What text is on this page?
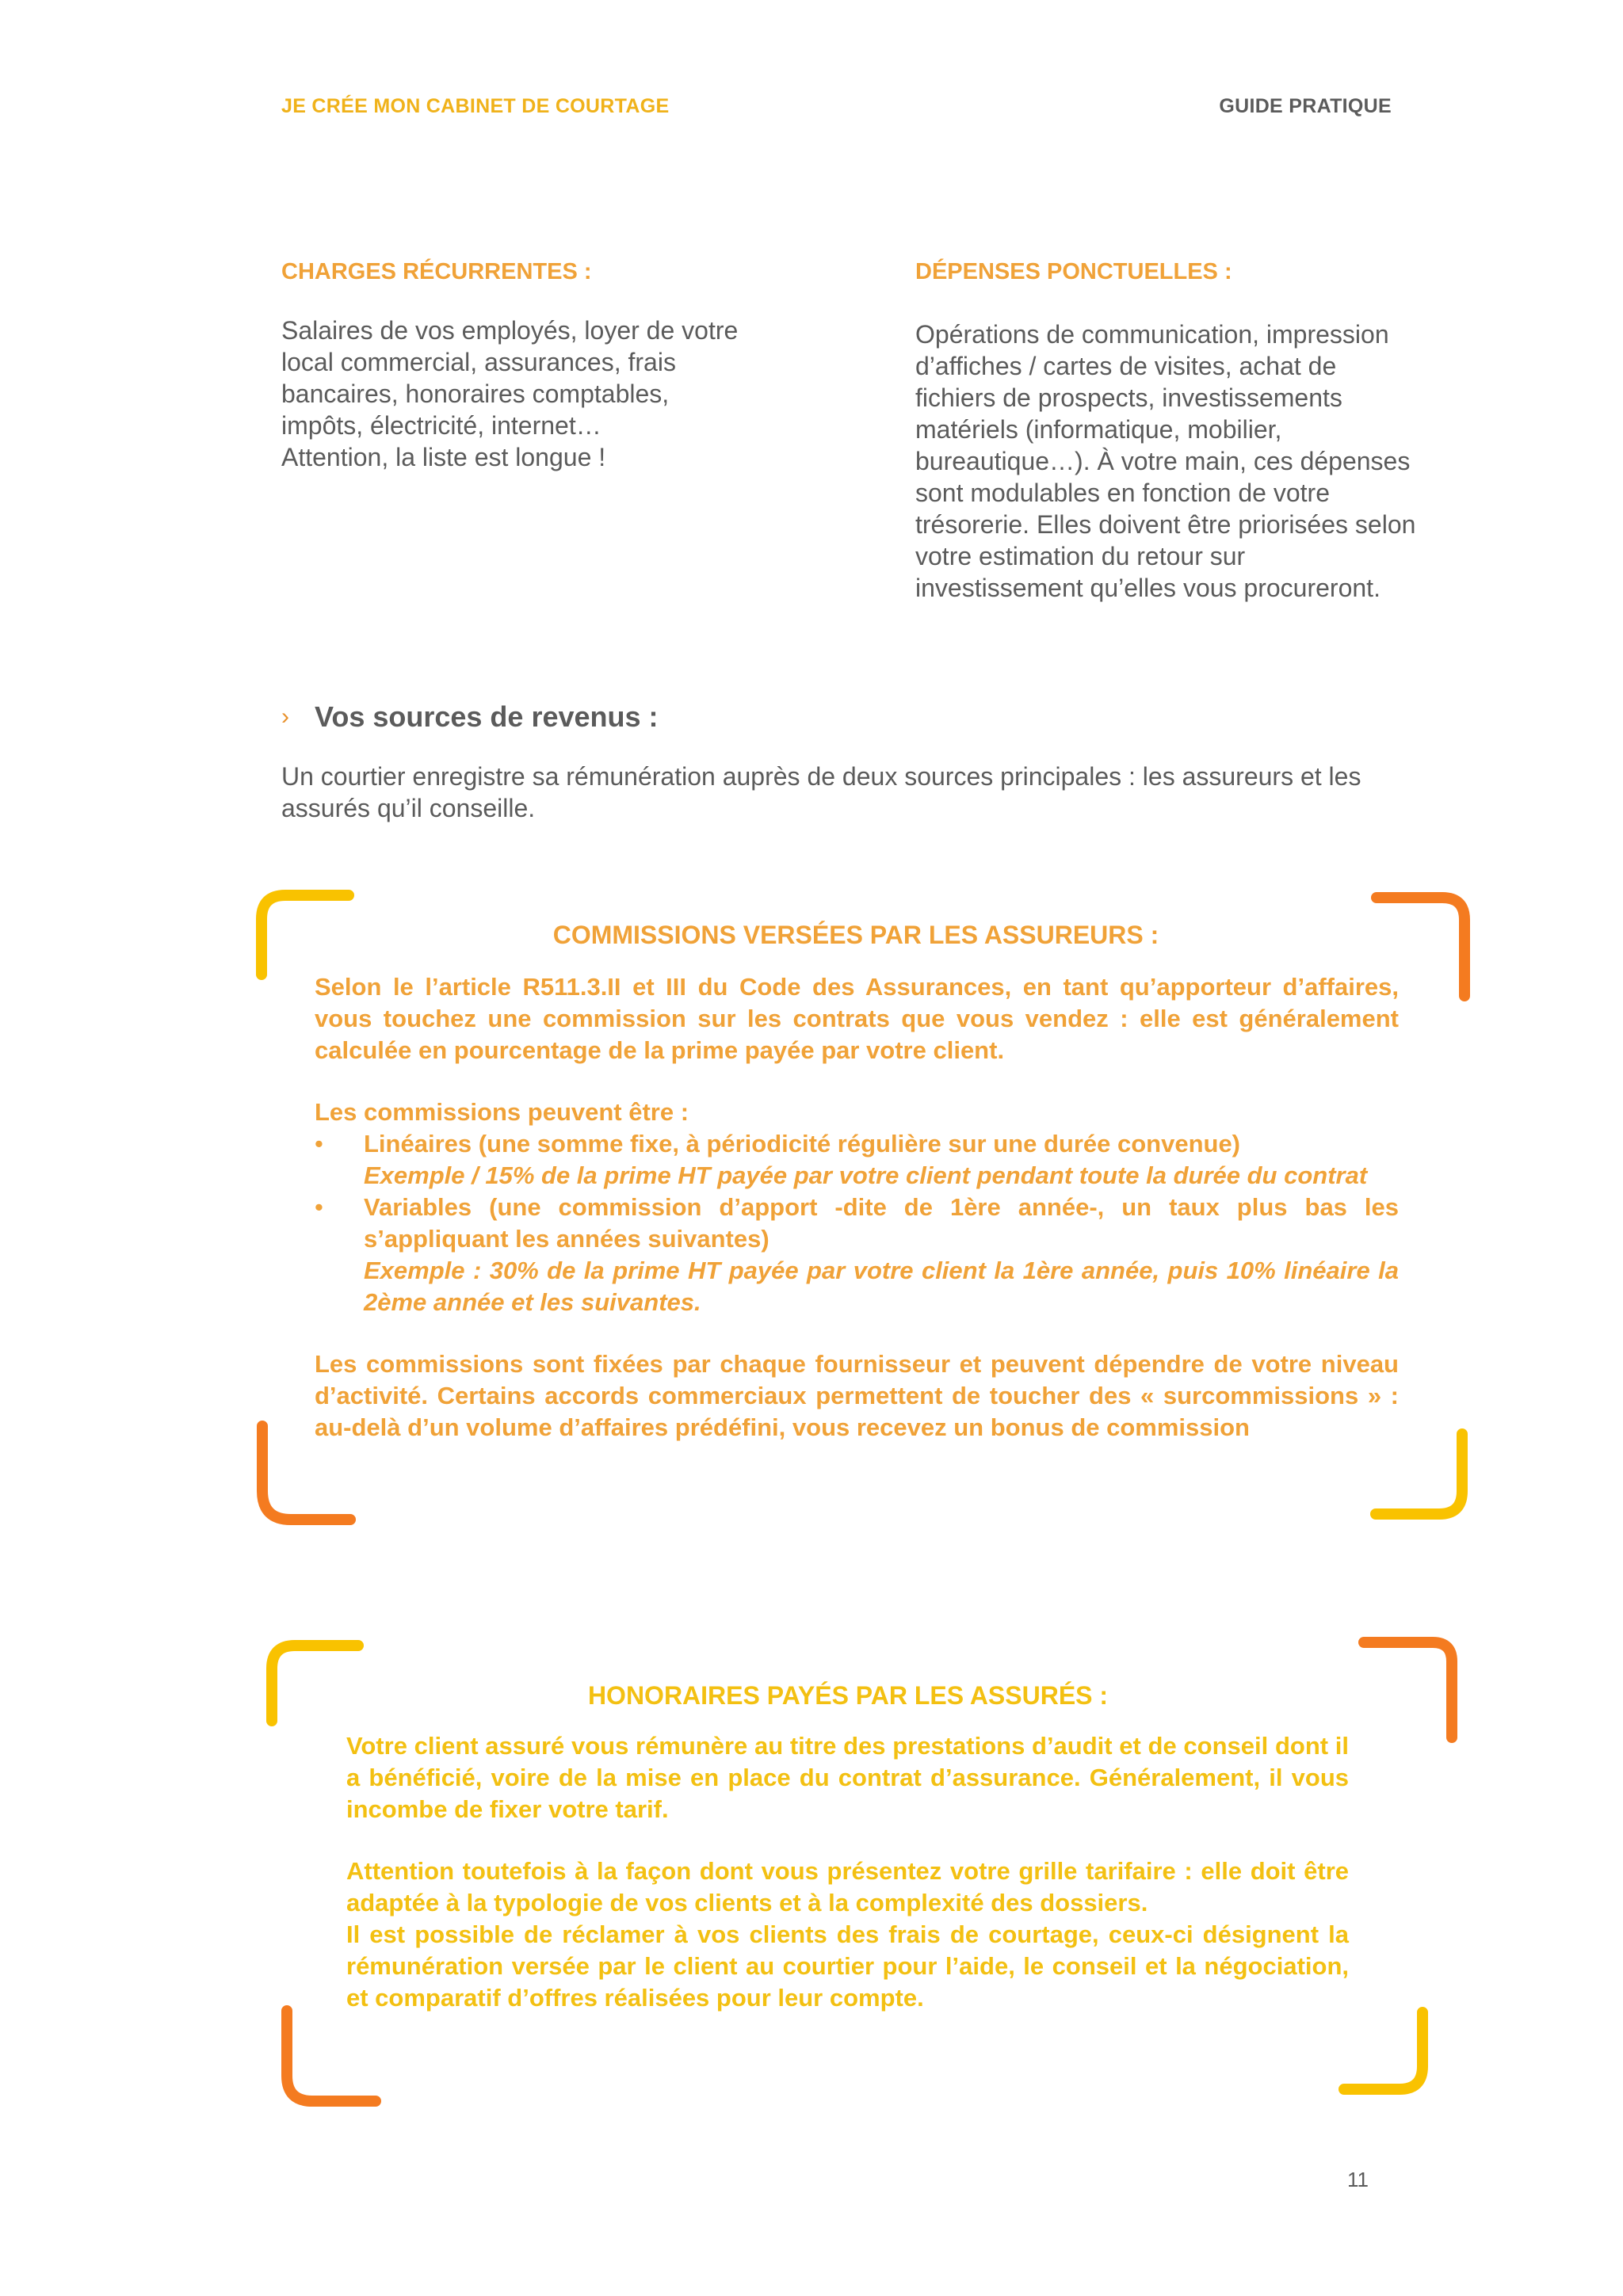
JE CRÉE MON CABINET DE COURTAGE	GUIDE PRATIQUE
CHARGES RÉCURRENTES :
Salaires de vos employés, loyer de votre
local commercial, assurances, frais
bancaires, honoraires comptables,
impôts, électricité, internet…
Attention, la liste est longue !
DÉPENSES PONCTUELLES :
Opérations de communication, impression
d’affiches / cartes de visites, achat de
fichiers de prospects, investissements
matériels (informatique, mobilier,
bureautique…). À votre main, ces dépenses
sont modulables en fonction de votre
trésorerie. Elles doivent être priorisées selon
votre estimation du retour sur
investissement qu’elles vous procureront.
› Vos sources de revenus :
Un courtier enregistre sa rémunération auprès de deux sources principales : les assureurs et les assurés qu’il conseille.
COMMISSIONS VERSÉES PAR LES ASSUREURS :

Selon le l’article R511.3.II et III du Code des Assurances, en tant qu’apporteur d’affaires, vous touchez une commission sur les contrats que vous vendez : elle est généralement calculée en pourcentage de la prime payée par votre client.

Les commissions peuvent être :

• Linéaires (une somme fixe, à périodicité régulière sur une durée convenue)
Exemple / 15% de la prime HT payée par votre client pendant toute la durée du contrat
• Variables (une commission d’apport -dite de 1ère année-, un taux plus bas les s’appliquant les années suivantes)
Exemple : 30% de la prime HT payée par votre client la 1ère année, puis 10% linéaire la 2ème année et les suivantes.

Les commissions sont fixées par chaque fournisseur et peuvent dépendre de votre niveau d’activité. Certains accords commerciaux permettent de toucher des « surcommissions » : au-delà d’un volume d’affaires prédéfini, vous recevez un bonus de commission

HONORAIRES PAYÉS PAR LES ASSURÉS :

Votre client assuré vous rémunère au titre des prestations d’audit et de conseil dont il a bénéficié, voire de la mise en place du contrat d’assurance. Généralement, il vous incombe de fixer votre tarif.

Attention toutefois à la façon dont vous présentez votre grille tarifaire : elle doit être adaptée à la typologie de vos clients et à la complexité des dossiers.

Il est possible de réclamer à vos clients des frais de courtage, ceux-ci désignent la rémunération versée par le client au courtier pour l’aide, le conseil et la négociation, et comparatif d’offres réalisées pour leur compte.

11
